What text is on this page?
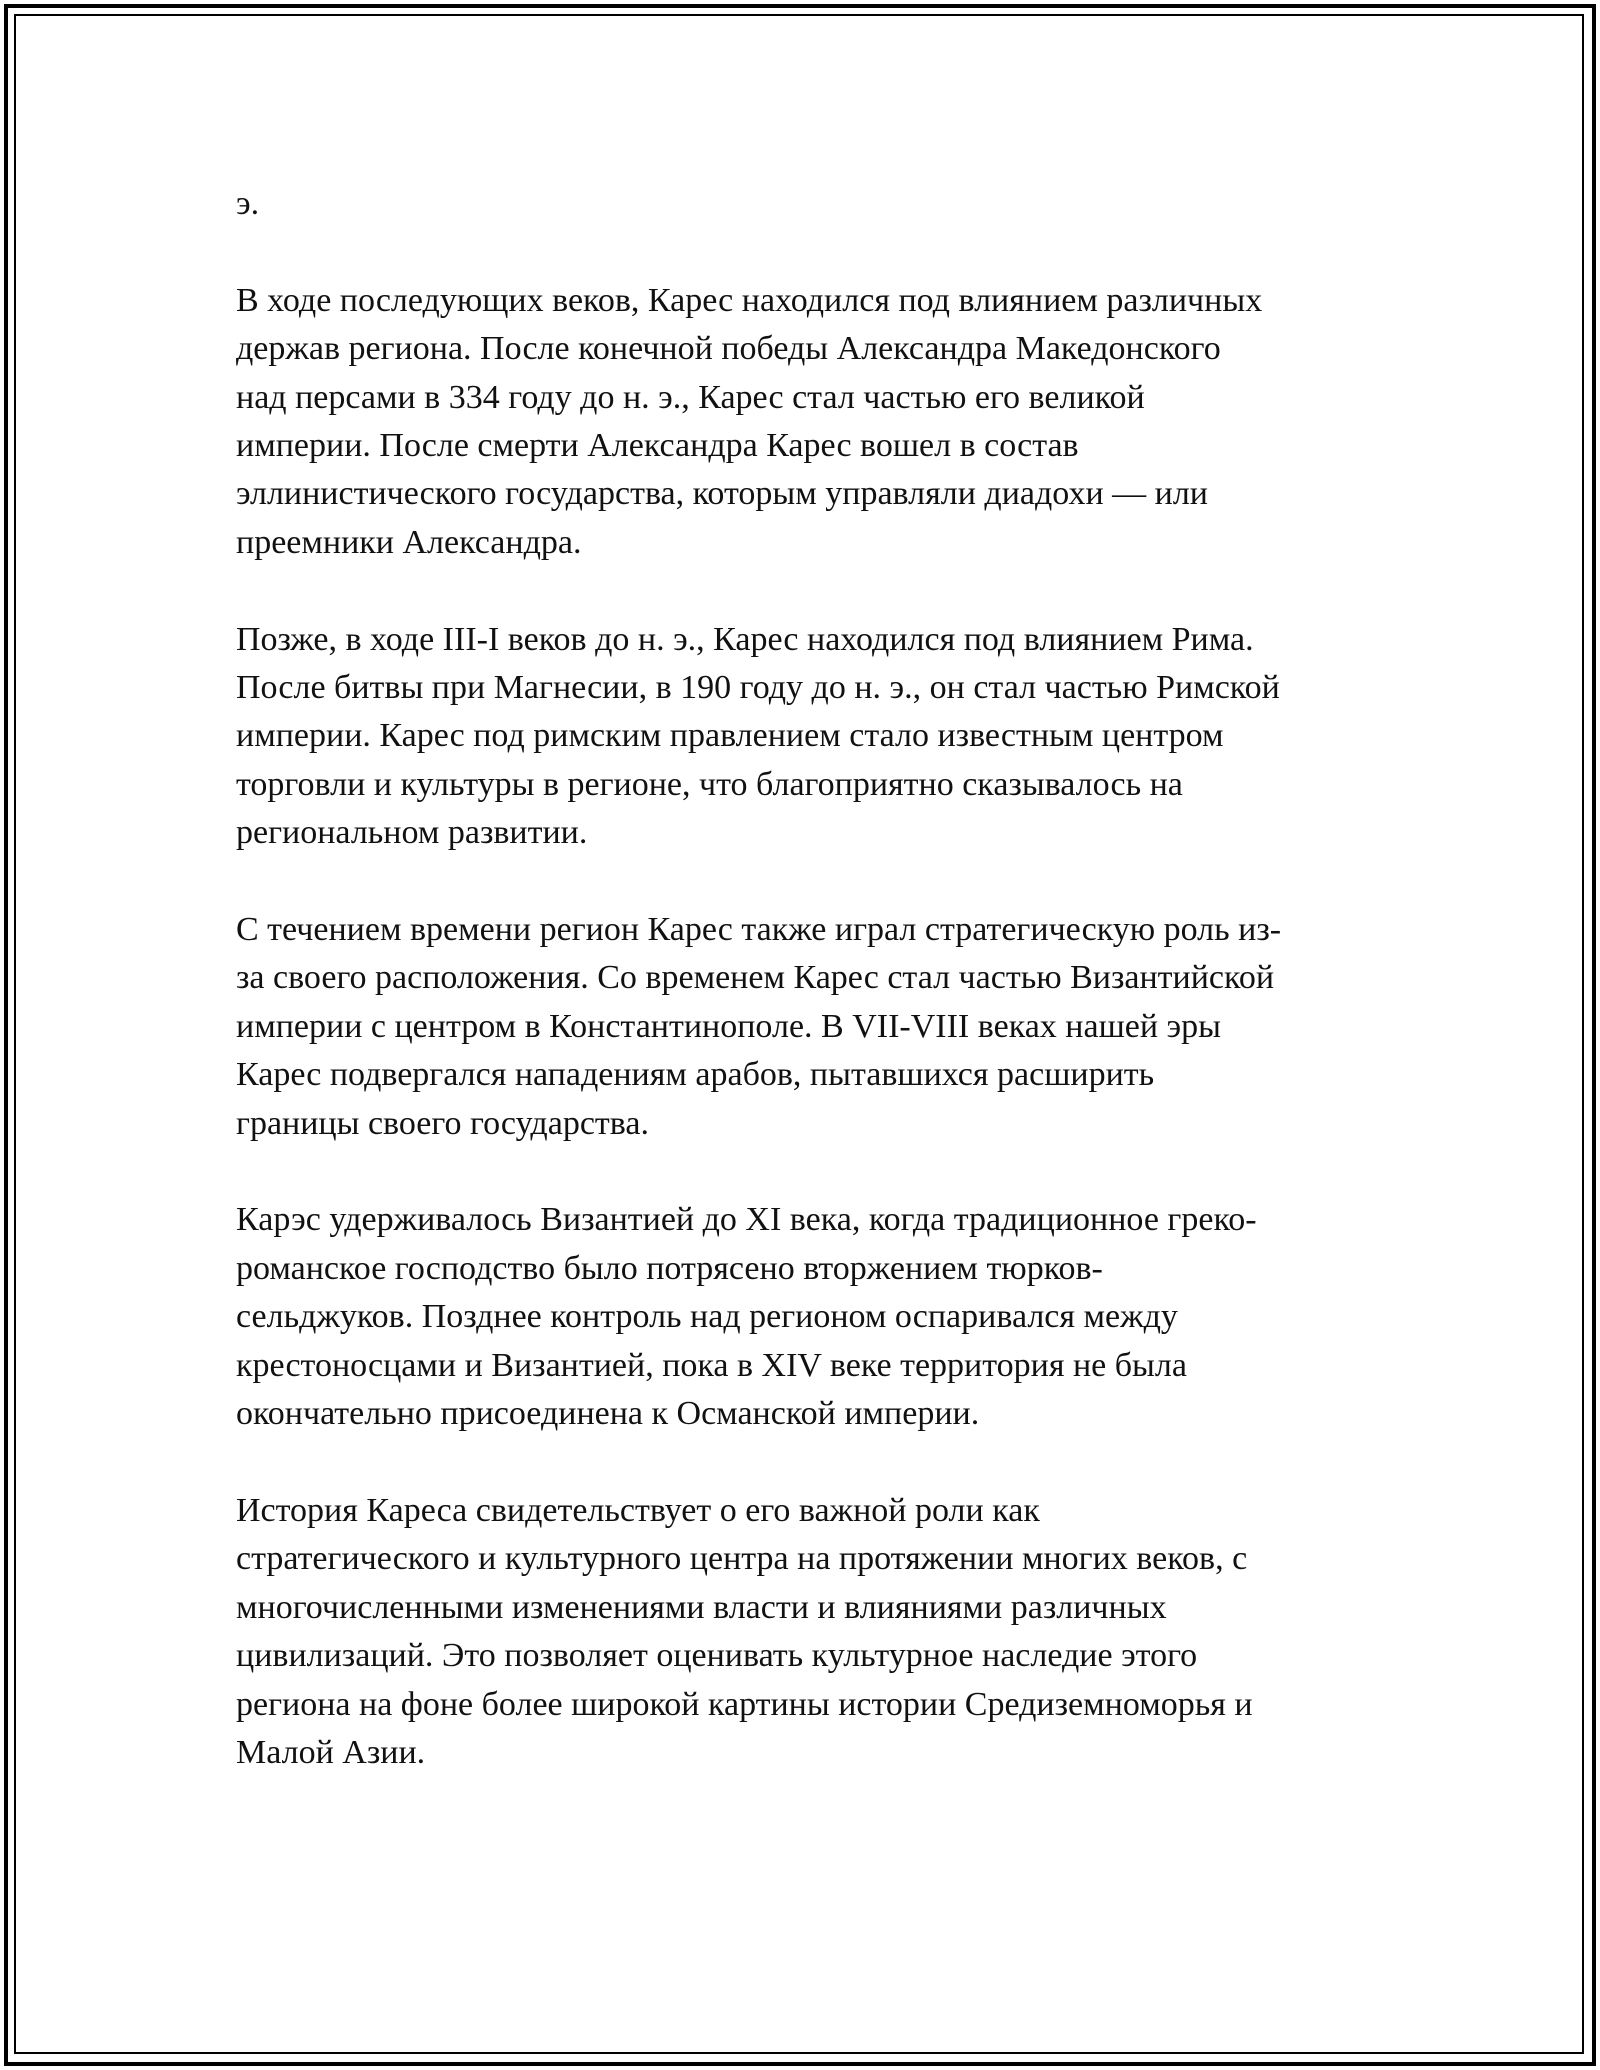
э.

В ходе последующих веков, Карес находился под влиянием различных
держав региона. После конечной победы Александра Македонского
над персами в 334 году до н. э., Карес стал частью его великой
империи. После смерти Александра Карес вошел в состав
эллинистического государства, которым управляли диадохи — или
преемники Александра.

Позже, в ходе III-I веков до н. э., Карес находился под влиянием Рима.
После битвы при Магнесии, в 190 году до н. э., он стал частью Римской
империи. Карес под римским правлением стало известным центром
торговли и культуры в регионе, что благоприятно сказывалось на
региональном развитии.

С течением времени регион Карес также играл стратегическую роль из-
за своего расположения. Со временем Карес стал частью Византийской
империи с центром в Константинополе. В VII-VIII веках нашей эры
Карес подвергался нападениям арабов, пытавшихся расширить
границы своего государства.

Карэс удерживалось Византией до XI века, когда традиционное греко-
романское господство было потрясено вторжением тюрков-
сельджуков. Позднее контроль над регионом оспаривался между
крестоносцами и Византией, пока в XIV веке территория не была
окончательно присоединена к Османской империи.

История Кареса свидетельствует о его важной роли как
стратегического и культурного центра на протяжении многих веков, с
многочисленными изменениями власти и влияниями различных
цивилизаций. Это позволяет оценивать культурное наследие этого
региона на фоне более широкой картины истории Средиземноморья и
Малой Азии.
